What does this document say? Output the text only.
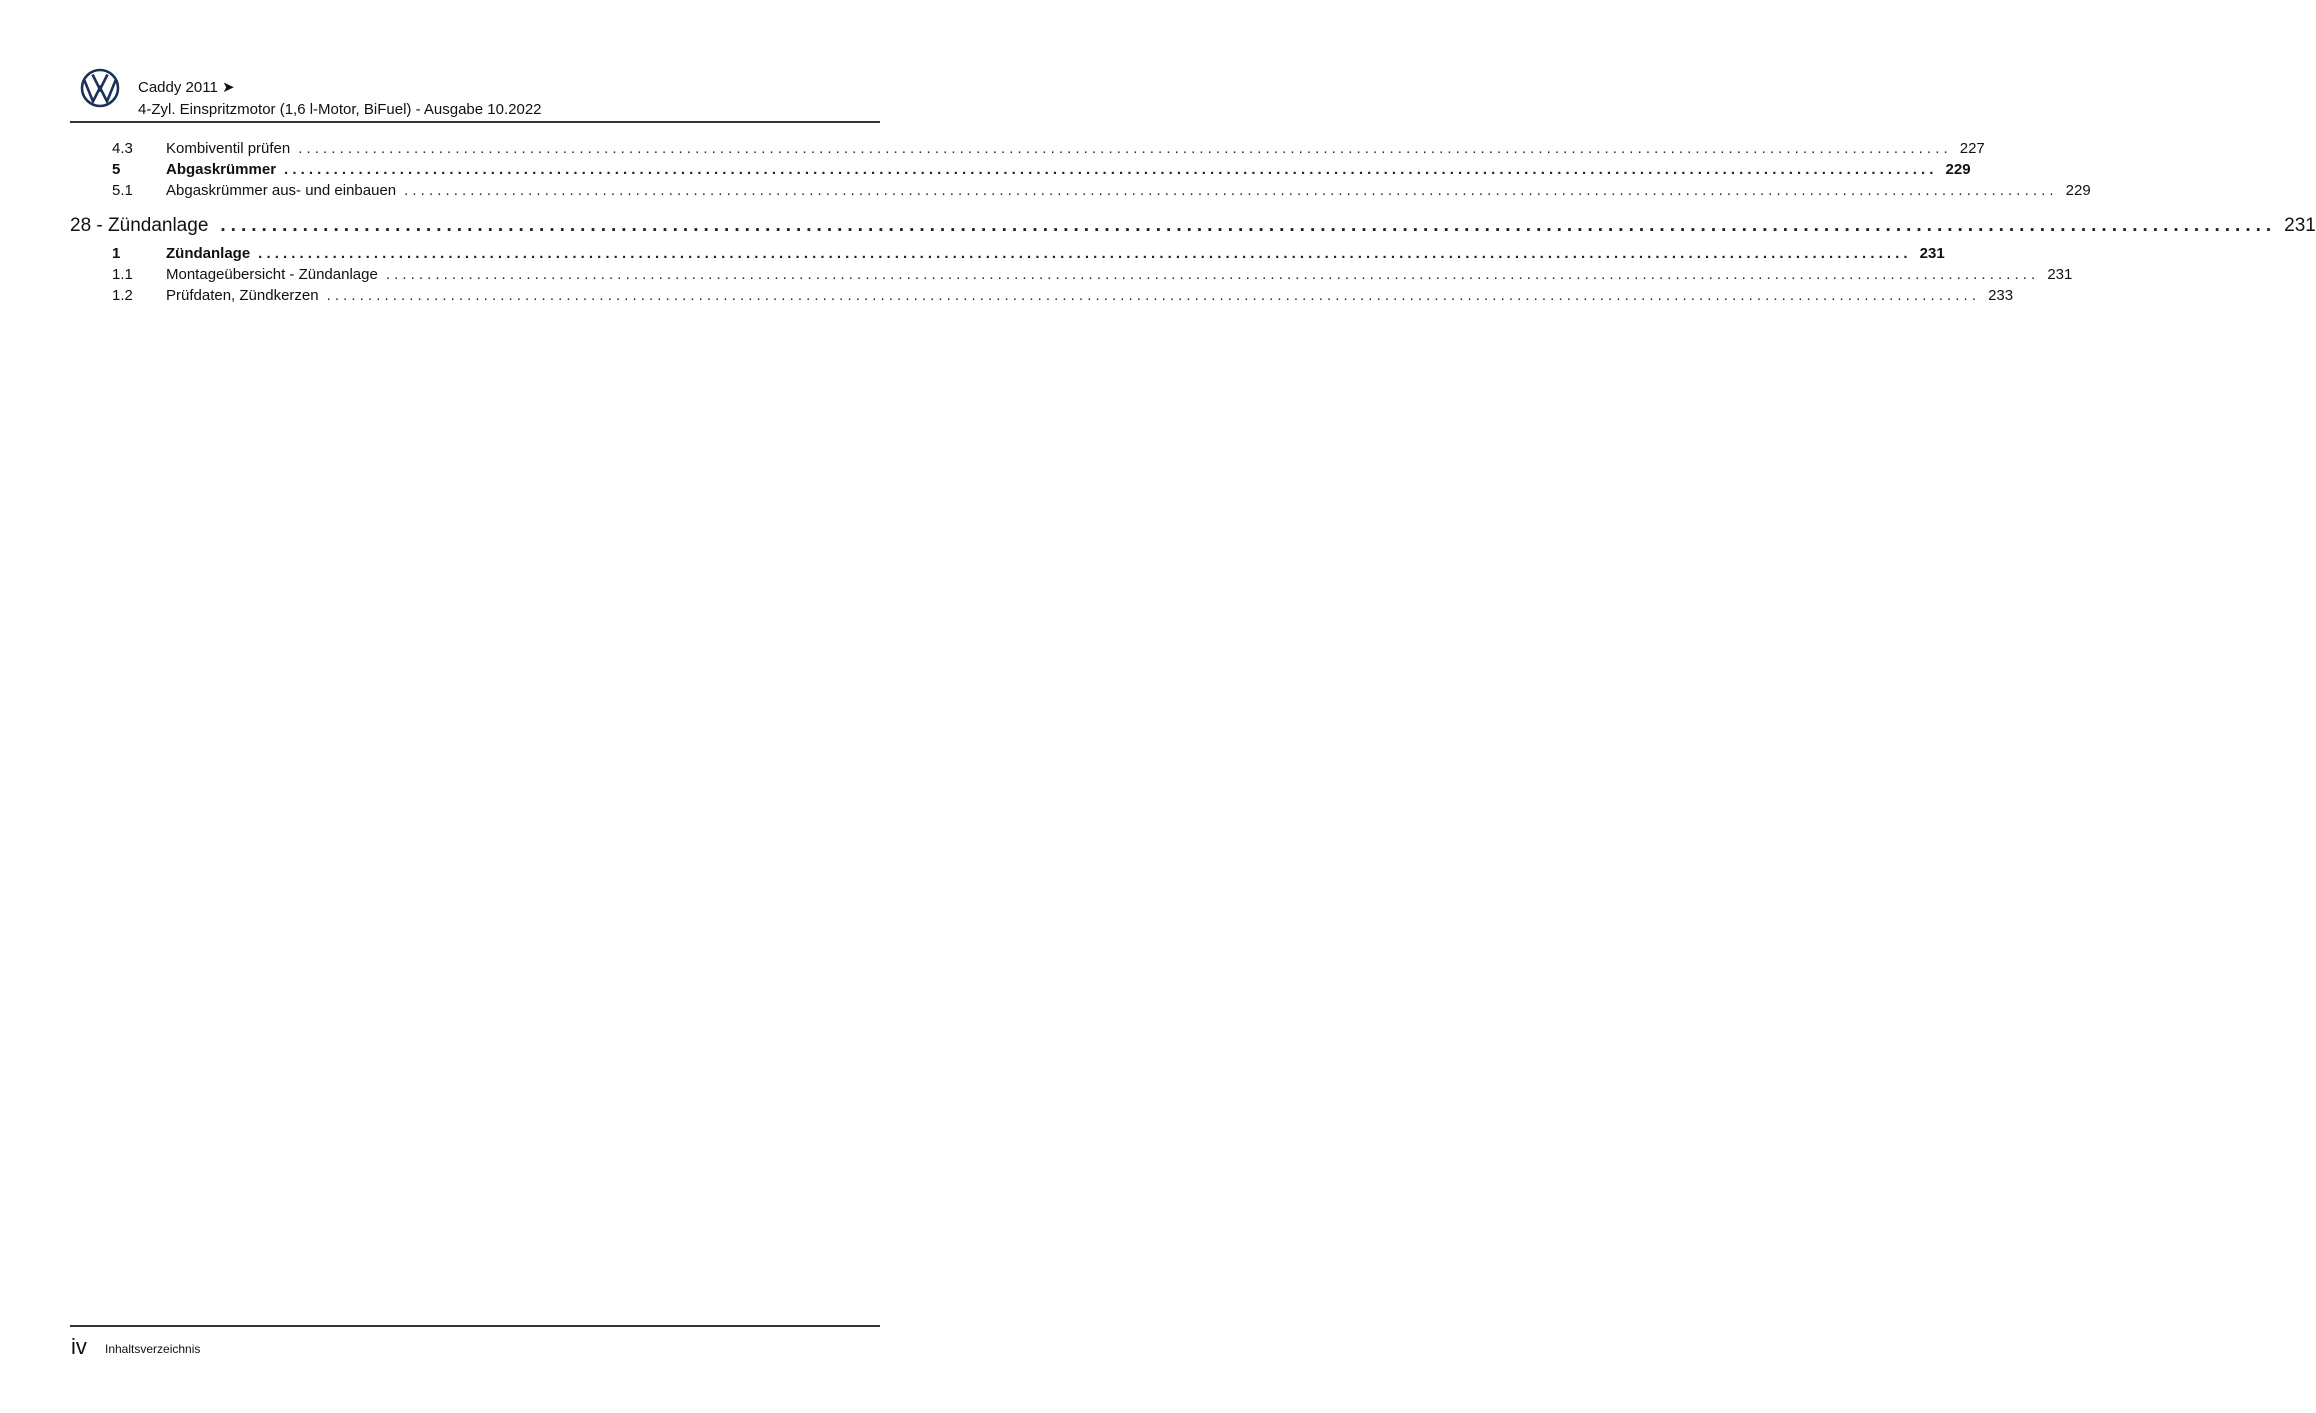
Caddy 2011 ➤
4-Zyl. Einspritzmotor (1,6 l-Motor, BiFuel) - Ausgabe 10.2022
4.3	Kombiventil prüfen ........................................................................................................................................................................................................ 227
5	Abgaskrümmer ........................................................................................................................................................................................................ 229
5.1	Abgaskrümmer aus- und einbauen ........................................................................................................................................................................................................ 229
28 - Zündanlage ........................................................................................................................................................................................................ 231
1	Zündanlage ........................................................................................................................................................................................................ 231
1.1	Montageübersicht - Zündanlage ........................................................................................................................................................................................................ 231
1.2	Prüfdaten, Zündkerzen ........................................................................................................................................................................................................ 233
iv Inhaltsverzeichnis
